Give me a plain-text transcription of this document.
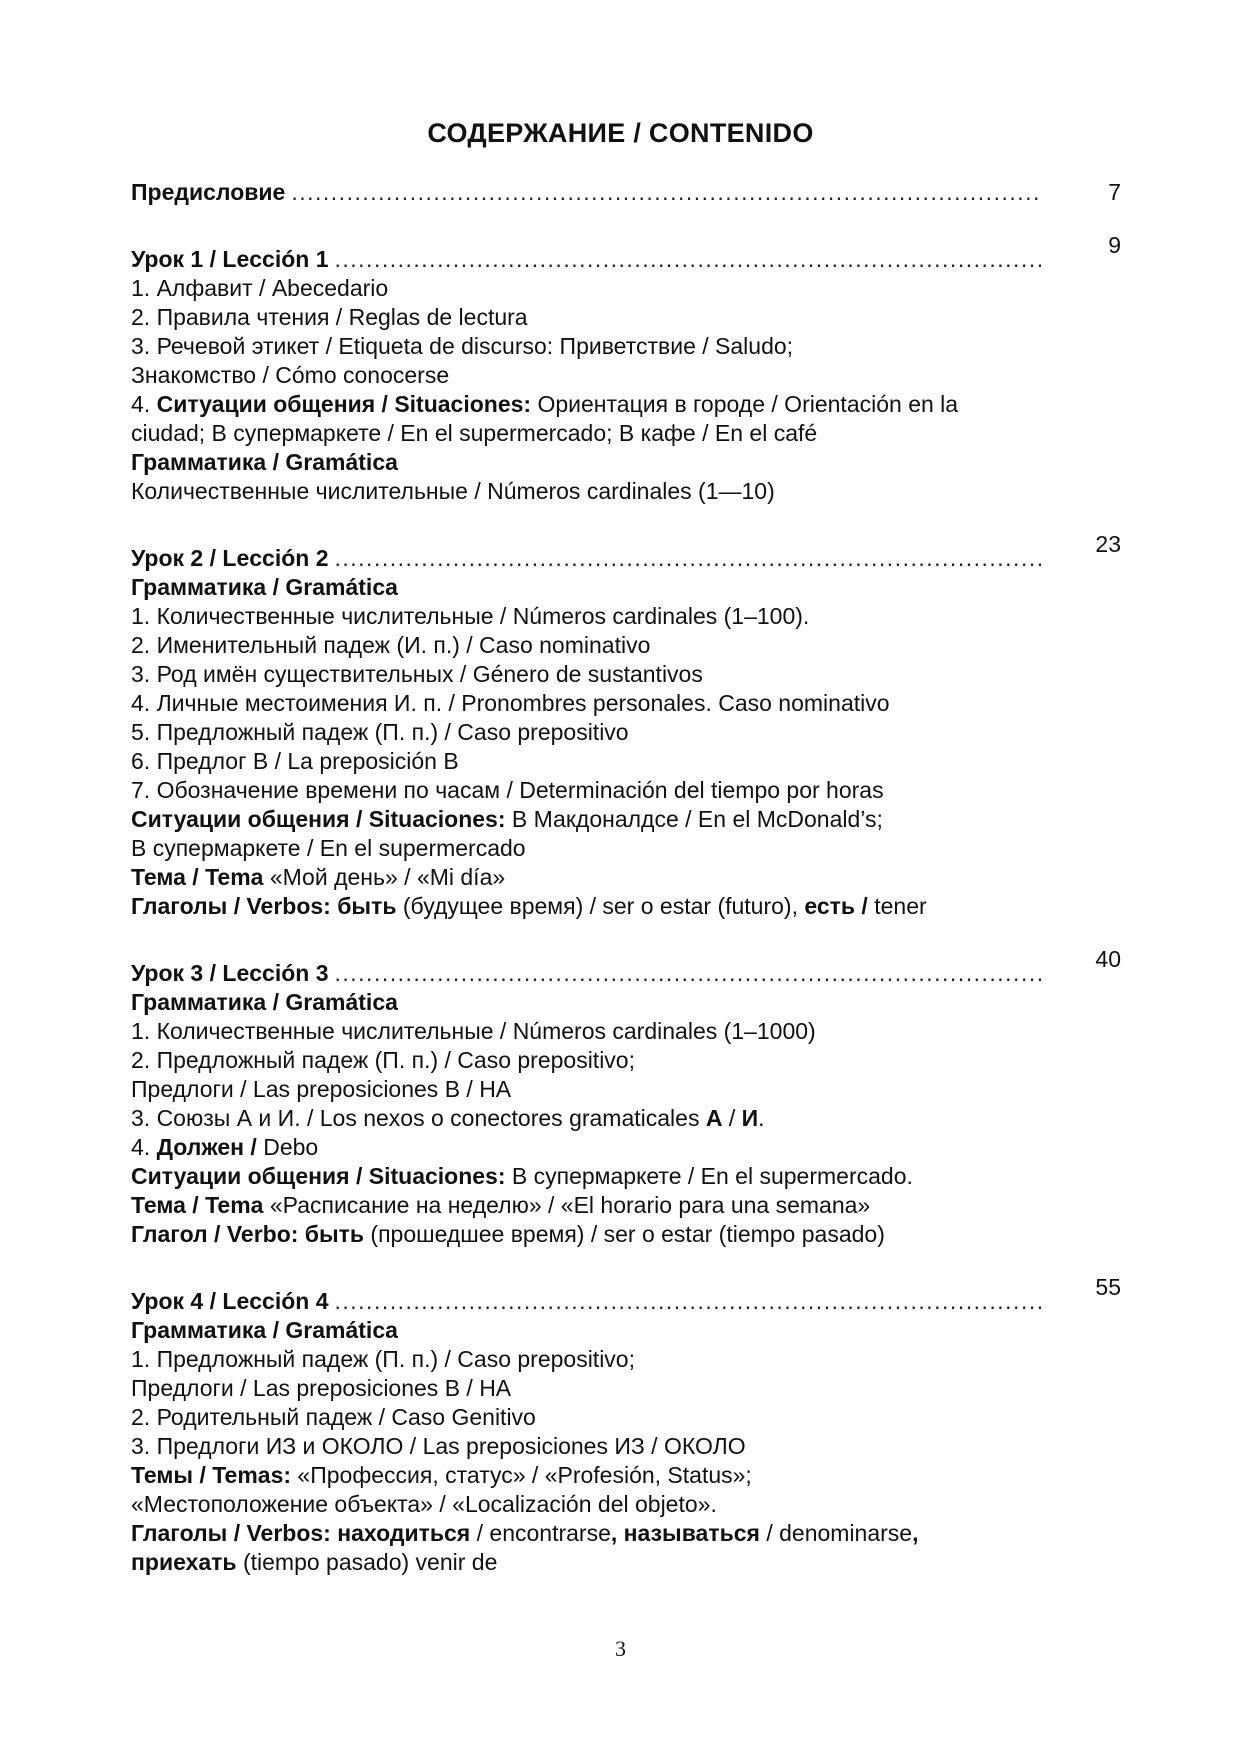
СОДЕРЖАНИЕ / CONTENIDO
Предисловие
.....	7
Урок 1 / Lección 1
.....
9
1. Алфавит / Abecedario
2. Правила чтения / Reglas de lectura
3. Речевой этикет / Etiqueta de discurso: Приветствие / Saludo;
Знакомство / Cómo conocerse
4. Ситуации общения / Situaciones: Ориентация в городе / Orientación en la
ciudad; В супермаркете / En el supermercado; В кафе / En el café
Грамматика / Gramática
Количественные числительные / Números cardinales (1—10)
Урок 2 / Lección 2
.....
23
Грамматика / Gramática
1. Количественные числительные / Números cardinales (1–100).
2. Именительный падеж (И. п.) / Caso nominativo
3. Род имён существительных / Género de sustantivos
4. Личные местоимения И. п. / Pronombres personales. Caso nominativo
5. Предложный падеж (П. п.) / Caso prepositivo
6. Предлог В / La preposición В
7. Обозначение времени по часам / Determinación del tiempo por horas
Ситуации общения / Situaciones: В Макдоналдсе / En el McDonald’s;
В супермаркете / En el supermercado
Тема / Tema «Мой день» / «Mi día»
Глаголы / Verbos: быть (будущее время) / ser o estar (futuro), есть / tener
Урок 3 / Lección 3
.....
40
Грамматика / Gramática
1. Количественные числительные / Números cardinales (1–1000)
2. Предложный падеж (П. п.) / Caso prepositivo;
Предлоги / Las preposiciones В / НА
3. Союзы А и И. / Los nexos o conectores gramaticales А / И.
4. Должен / Debo
Ситуации общения / Situaciones: В супермаркете / En el supermercado.
Тема / Tema «Расписание на неделю» / «El horario para una semana»
Глагол / Verbo: быть (прошедшее время) / ser o estar (tiempo pasado)
Урок 4 / Lección 4
.....
55
Грамматика / Gramática
1. Предложный падеж (П. п.) / Caso prepositivo;
Предлоги / Las preposiciones В / НА
2. Родительный падеж / Caso Genitivo
3. Предлоги ИЗ и ОКОЛО / Las preposiciones ИЗ / ОКОЛО
Темы / Temas: «Профессия, статус» / «Profesión, Status»;
«Местоположение объекта» / «Localización del objeto».
Глаголы / Verbos: находиться / encontrarse, называться / denominarse,
приехать (tiempo pasado) venir de
3
